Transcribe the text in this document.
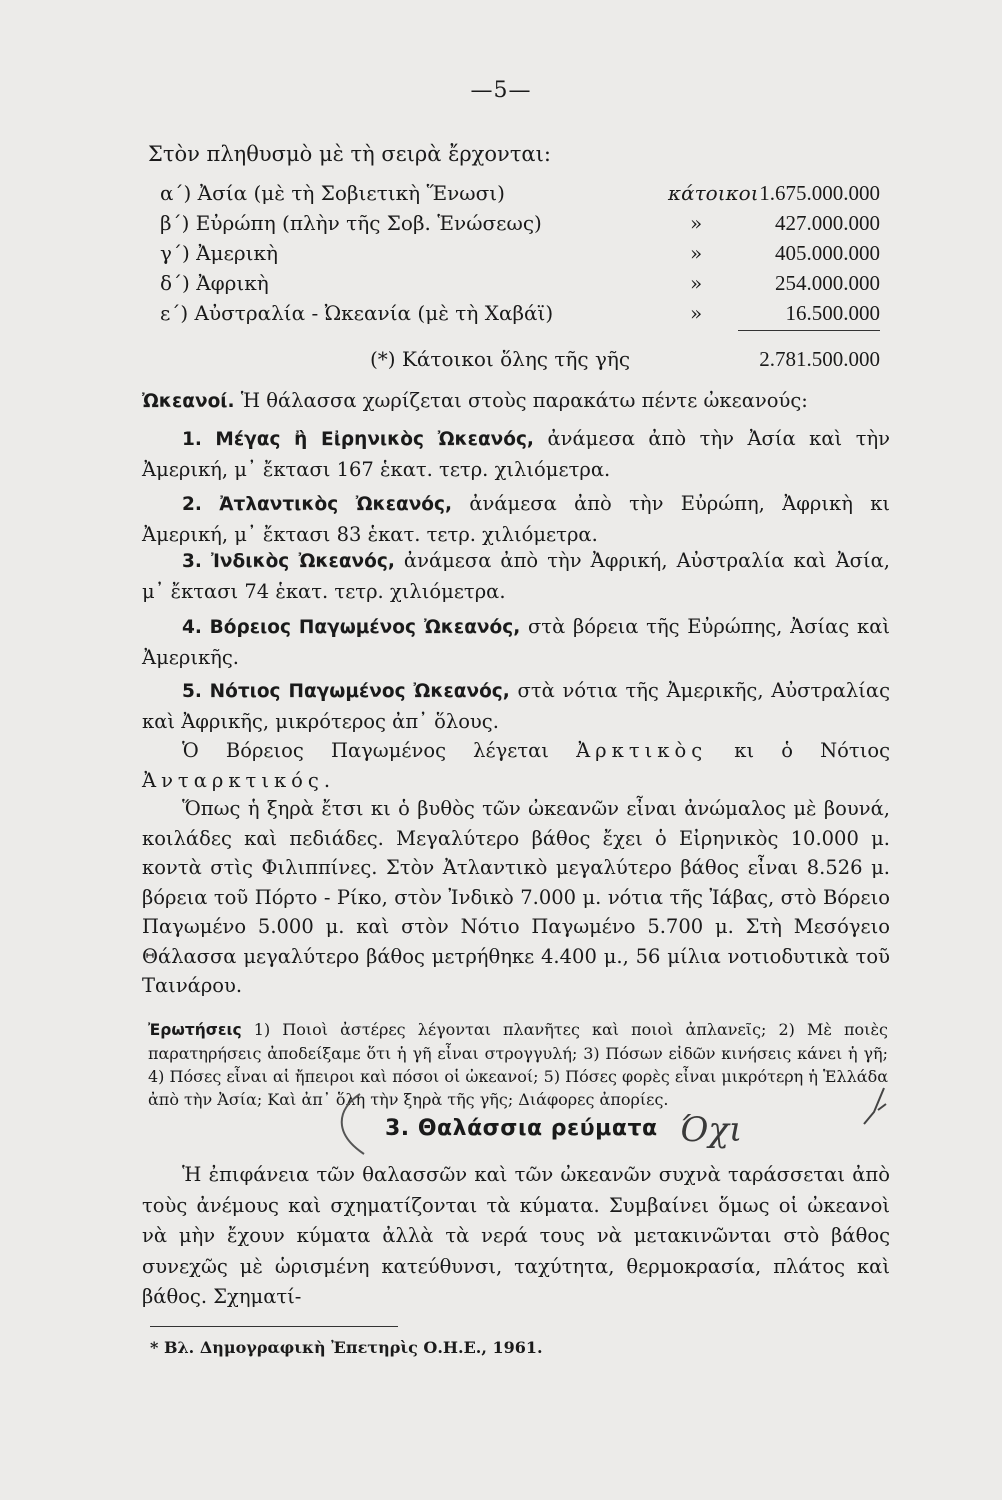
—5—
Στὸν πληθυσμὸ μὲ τὴ σειρὰ ἔρχονται:
α΄) Ἀσία (μὲ τὴ Σοβιετικὴ Ἕνωσι)	κάτοικοι 1.675.000.000
β΄) Εὐρώπη (πλὴν τῆς Σοβ. Ἑνώσεως)	»	427.000.000
γ΄) Ἀμερικὴ	»	405.000.000
δ΄) Ἀφρικὴ	»	254.000.000
ε΄) Αὐστραλία - Ὠκεανία (μὲ τὴ Χαβάϊ)	»	16.500.000
(*) Κάτοικοι ὅλης τῆς γῆς	2.781.500.000
Ὠκεανοί. Ἡ θάλασσα χωρίζεται στοὺς παρακάτω πέντε ὠκεανούς:
1. Μέγας ἢ Εἰρηνικὸς Ὠκεανός, ἀνάμεσα ἀπὸ τὴν Ἀσία καὶ τὴν Ἀμερική, μ᾽ ἔκτασι 167 ἑκατ. τετρ. χιλιόμετρα.
2. Ἀτλαντικὸς Ὠκεανός, ἀνάμεσα ἀπὸ τὴν Εὐρώπη, Ἀφρικὴ κι Ἀμερική, μ᾽ ἔκτασι 83 ἑκατ. τετρ. χιλιόμετρα.
3. Ἰνδικὸς Ὠκεανός, ἀνάμεσα ἀπὸ τὴν Ἀφρική, Αὐστραλία καὶ Ἀσία, μ᾽ ἔκτασι 74 ἑκατ. τετρ. χιλιόμετρα.
4. Βόρειος Παγωμένος Ὠκεανός, στὰ βόρεια τῆς Εὐρώπης, Ἀσίας καὶ Ἀμερικῆς.
5. Νότιος Παγωμένος Ὠκεανός, στὰ νότια τῆς Ἀμερικῆς, Αὐστραλίας καὶ Ἀφρικῆς, μικρότερος ἀπ᾽ ὅλους.
Ὁ Βόρειος Παγωμένος λέγεται Ἀρκτικὸς κι ὁ Νότιος Ἀνταρκτικός.
Ὅπως ἡ ξηρὰ ἔτσι κι ὁ βυθὸς τῶν ὠκεανῶν εἶναι ἀνώμαλος μὲ βουνά, κοιλάδες καὶ πεδιάδες. Μεγαλύτερο βάθος ἔχει ὁ Εἰρηνικὸς 10.000 μ. κοντὰ στὶς Φιλιππίνες. Στὸν Ἀτλαντικὸ μεγαλύτερο βάθος εἶναι 8.526 μ. βόρεια τοῦ Πόρτο - Ρίκο, στὸν Ἰνδικὸ 7.000 μ. νότια τῆς Ἰάβας, στὸ Βόρειο Παγωμένο 5.000 μ. καὶ στὸν Νότιο Παγωμένο 5.700 μ. Στὴ Μεσόγειο Θάλασσα μεγαλύτερο βάθος μετρήθηκε 4.400 μ., 56 μίλια νοτιοδυτικὰ τοῦ Ταινάρου.
Ἐρωτήσεις 1) Ποιοὶ ἀστέρες λέγονται πλανῆτες καὶ ποιοὶ ἀπλανεῖς; 2) Μὲ ποιὲς παρατηρήσεις ἀποδείξαμε ὅτι ἡ γῆ εἶναι στρογγυλή; 3) Πόσων εἰδῶν κινήσεις κάνει ἡ γῆ; 4) Πόσες εἶναι αἱ ἤπειροι καὶ πόσοι οἱ ὠκεανοί; 5) Πόσες φορὲς εἶναι μικρότερη ἡ Ἑλλάδα ἀπὸ τὴν Ἀσία; Καὶ ἀπ᾽ ὅλη τὴν ξηρὰ τῆς γῆς; Διάφορες ἀπορίες.
3. Θαλάσσια ρεύματα Όχι
Ἡ ἐπιφάνεια τῶν θαλασσῶν καὶ τῶν ὠκεανῶν συχνὰ ταράσσεται ἀπὸ τοὺς ἀνέμους καὶ σχηματίζονται τὰ κύματα. Συμβαίνει ὅμως οἱ ὠκεανοὶ νὰ μὴν ἔχουν κύματα ἀλλὰ τὰ νερά τους νὰ μετακινῶνται στὸ βάθος συνεχῶς μὲ ὡρισμένη κατεύθυνσι, ταχύτητα, θερμοκρασία, πλάτος καὶ βάθος. Σχηματί-
* Βλ. Δημογραφικὴ Ἐπετηρὶς Ο.Η.Ε., 1961.
